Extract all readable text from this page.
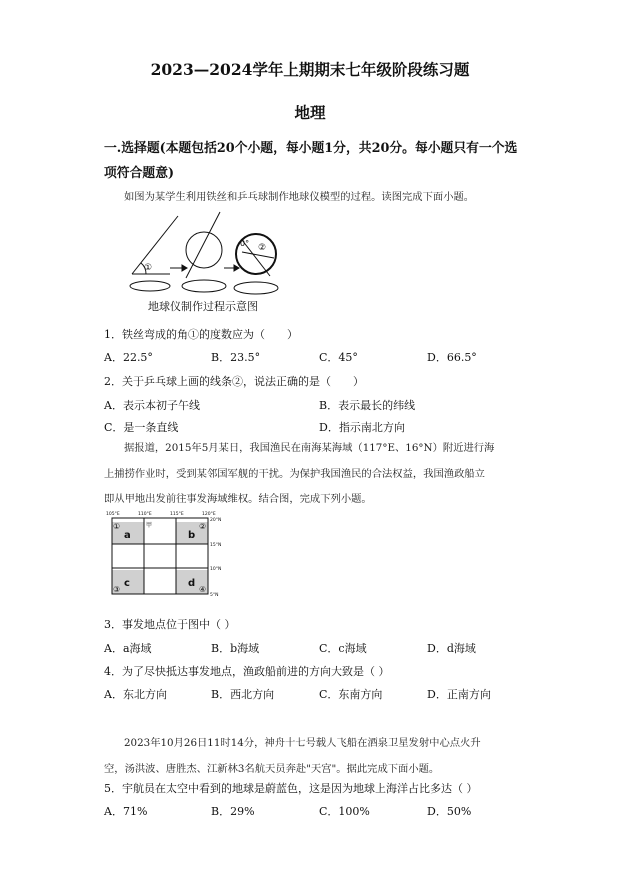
2023—2024学年上期期末七年级阶段练习题
地理
一.选择题(本题包括20个小题，每小题1分，共20分。每小题只有一个选
项符合题意)
如图为某学生利用铁丝和乒乓球制作地球仪模型的过程。读图完成下面小题。
①
0° ②
地球仪制作过程示意图
1．铁丝弯成的角①的度数应为（　　）
A．22.5°	B．23.5°	C．45°	D．66.5°
2．关于乒乓球上画的线条②，说法正确的是（　　）
A．表示本初子午线	B．表示最长的纬线
C．是一条直线	D．指示南北方向
据报道，2015年5月某日，我国渔民在南海某海域（117°E、16°N）附近进行海
上捕捞作业时，受到某邻国军舰的干扰。为保护我国渔民的合法权益，我国渔政船立
即从甲地出发前往事发海域维权。结合图，完成下列小题。
105°E	110°E	115°E	120°E
20°N
15°N
10°N
5°N
a	b
c	d
①	②
③	④
甲
3．事发地点位于图中（ ）
A．a海域	B．b海域	C．c海域	D．d海域
4．为了尽快抵达事发地点，渔政船前进的方向大致是（ ）
A．东北方向	B．西北方向	C．东南方向	D．正南方向
2023年10月26日11时14分，神舟十七号载人飞船在酒泉卫星发射中心点火升
空，汤洪波、唐胜杰、江新林3名航天员奔赴"天宫"。据此完成下面小题。
5．宇航员在太空中看到的地球是蔚蓝色，这是因为地球上海洋占比多达（ ）
A．71%	B．29%	C．100%	D．50%
